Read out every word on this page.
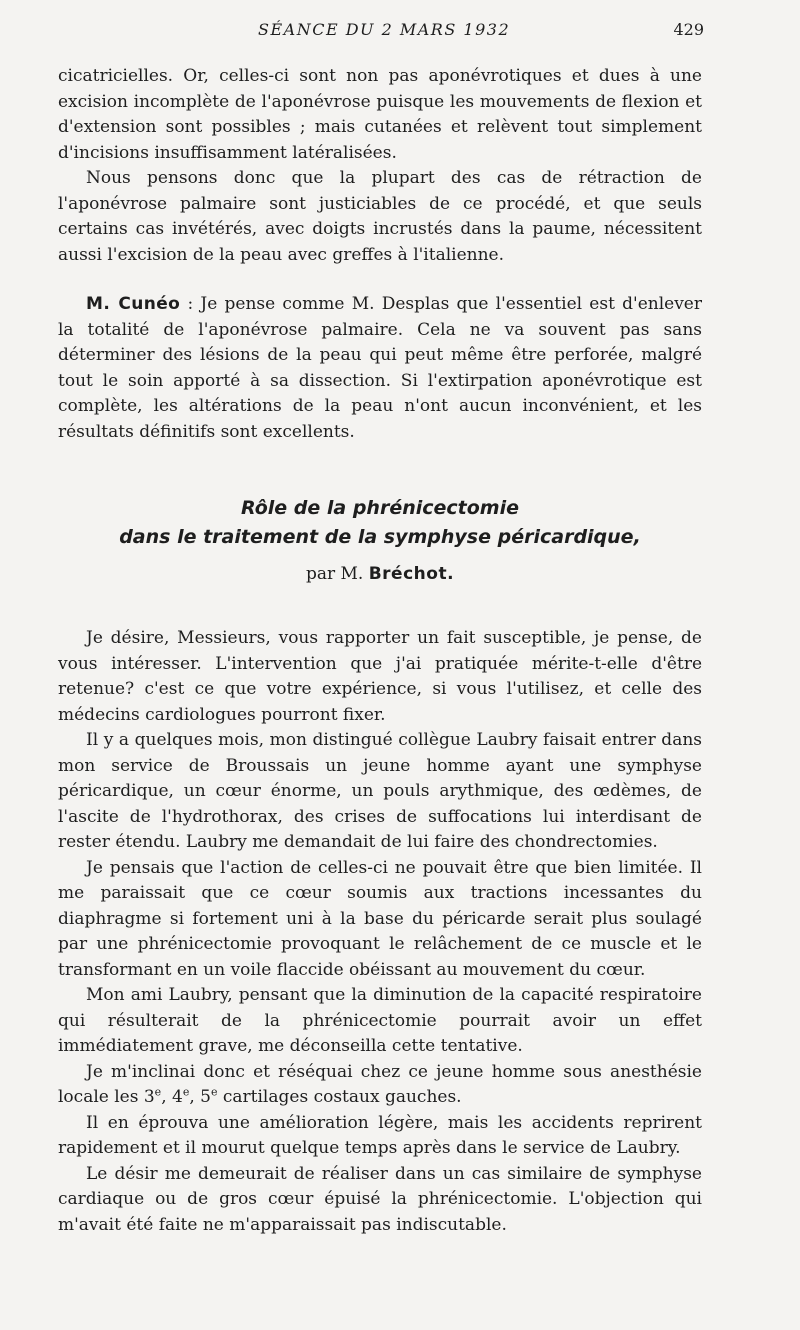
SÉANCE DU 2 MARS 1932	429

cicatricielles. Or, celles-ci sont non pas aponévrotiques et dues à une excision incomplète de l'aponévrose puisque les mouvements de flexion et d'extension sont possibles ; mais cutanées et relèvent tout simplement d'incisions insuffisamment latéralisées.

Nous pensons donc que la plupart des cas de rétraction de l'aponévrose palmaire sont justiciables de ce procédé, et que seuls certains cas invétérés, avec doigts incrustés dans la paume, nécessitent aussi l'excision de la peau avec greffes à l'italienne.

M. Cunéo : Je pense comme M. Desplas que l'essentiel est d'enlever la totalité de l'aponévrose palmaire. Cela ne va souvent pas sans déterminer des lésions de la peau qui peut même être perforée, malgré tout le soin apporté à sa dissection. Si l'extirpation aponévrotique est complète, les altérations de la peau n'ont aucun inconvénient, et les résultats définitifs sont excellents.

Rôle de la phrénicectomie
dans le traitement de la symphyse péricardique,
par M. Bréchot.

Je désire, Messieurs, vous rapporter un fait susceptible, je pense, de vous intéresser. L'intervention que j'ai pratiquée mérite-t-elle d'être retenue? c'est ce que votre expérience, si vous l'utilisez, et celle des médecins cardiologues pourront fixer.

Il y a quelques mois, mon distingué collègue Laubry faisait entrer dans mon service de Broussais un jeune homme ayant une symphyse péricardique, un cœur énorme, un pouls arythmique, des œdèmes, de l'ascite de l'hydrothorax, des crises de suffocations lui interdisant de rester étendu. Laubry me demandait de lui faire des chondrectomies.

Je pensais que l'action de celles-ci ne pouvait être que bien limitée. Il me paraissait que ce cœur soumis aux tractions incessantes du diaphragme si fortement uni à la base du péricarde serait plus soulagé par une phrénicectomie provoquant le relâchement de ce muscle et le transformant en un voile flaccide obéissant au mouvement du cœur.

Mon ami Laubry, pensant que la diminution de la capacité respiratoire qui résulterait de la phrénicectomie pourrait avoir un effet immédiatement grave, me déconseilla cette tentative.

Je m'inclinai donc et réséquai chez ce jeune homme sous anesthésie locale les 3e, 4e, 5e cartilages costaux gauches.

Il en éprouva une amélioration légère, mais les accidents reprirent rapidement et il mourut quelque temps après dans le service de Laubry.

Le désir me demeurait de réaliser dans un cas similaire de symphyse cardiaque ou de gros cœur épuisé la phrénicectomie. L'objection qui m'avait été faite ne m'apparaissait pas indiscutable.
